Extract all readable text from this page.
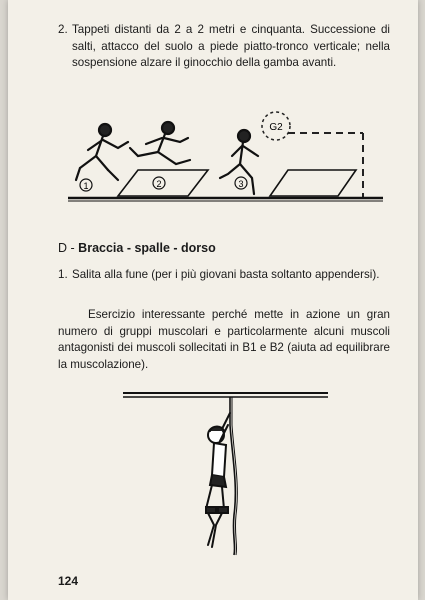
2. Tappeti distanti da 2 a 2 metri e cinquanta. Successione di salti, attacco del suolo a piede piatto-tronco verticale; nella sospensione alzare il ginocchio della gamba avanti.
1	2	3
G2
D - Braccia - spalle - dorso
1. Salita alla fune (per i più giovani basta soltanto appendersi).
Esercizio interessante perché mette in azione un gran numero di gruppi muscolari e particolarmente alcuni muscoli antagonisti dei muscoli sollecitati in B1 e B2 (aiuta ad equilibrare la muscolazione).
124
